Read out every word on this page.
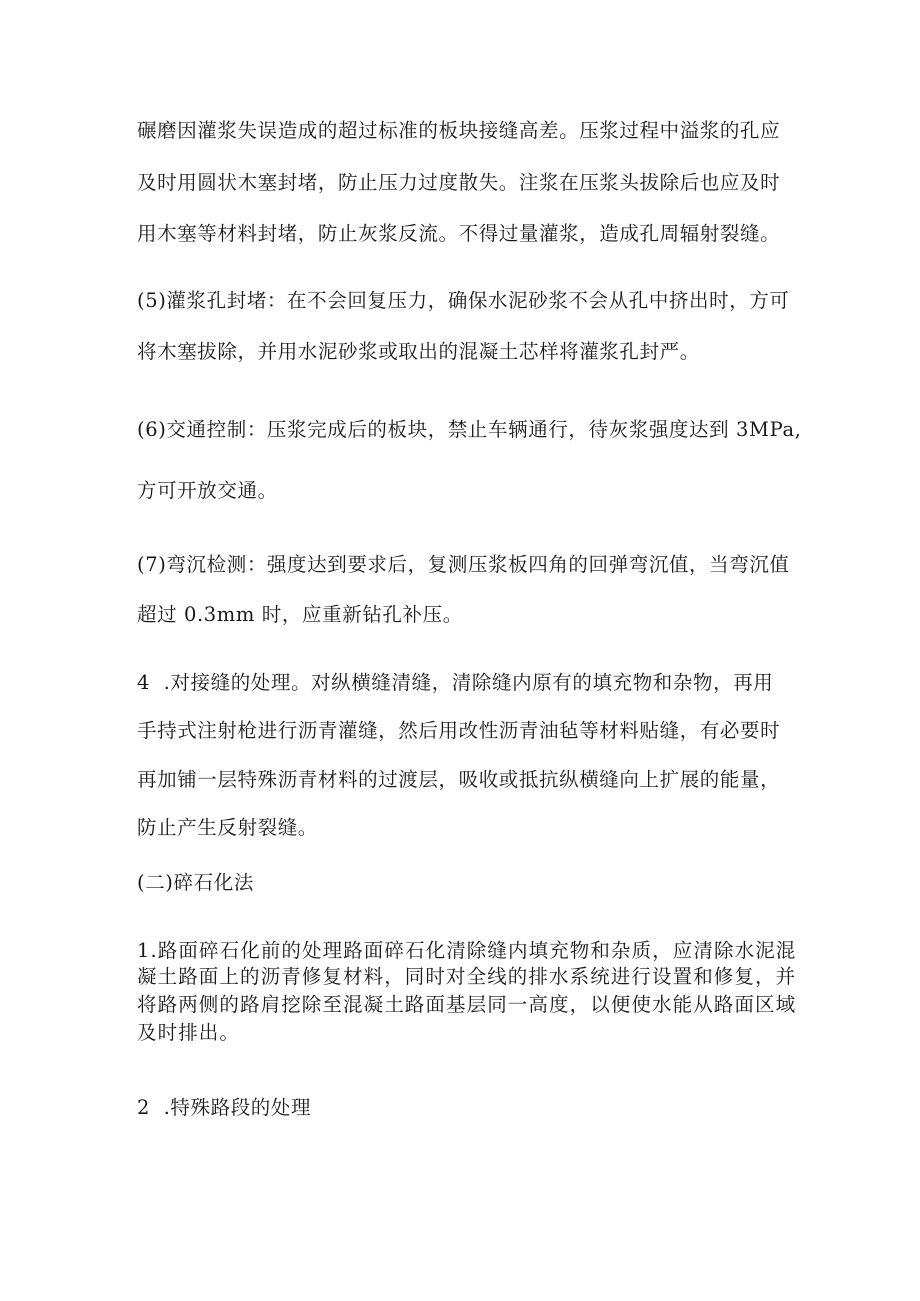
碾磨因灌浆失误造成的超过标准的板块接缝高差。压浆过程中溢浆的孔应
及时用圆状木塞封堵，防止压力过度散失。注浆在压浆头拔除后也应及时
用木塞等材料封堵，防止灰浆反流。不得过量灌浆，造成孔周辐射裂缝。
(5)灌浆孔封堵：在不会回复压力，确保水泥砂浆不会从孔中挤出时，方可
将木塞拔除，并用水泥砂浆或取出的混凝土芯样将灌浆孔封严。
(6)交通控制：压浆完成后的板块，禁止车辆通行，待灰浆强度达到 3MPa,
方可开放交通。
(7)弯沉检测：强度达到要求后，复测压浆板四角的回弹弯沉值，当弯沉值
超过 0.3mm 时，应重新钻孔补压。
4  .对接缝的处理。对纵横缝清缝，清除缝内原有的填充物和杂物，再用
手持式注射枪进行沥青灌缝，然后用改性沥青油毡等材料贴缝，有必要时
再加铺一层特殊沥青材料的过渡层，吸收或抵抗纵横缝向上扩展的能量，
防止产生反射裂缝。
(二)碎石化法
1.路面碎石化前的处理路面碎石化清除缝内填充物和杂质，应清除水泥混
凝土路面上的沥青修复材料，同时对全线的排水系统进行设置和修复，并
将路两侧的路肩挖除至混凝土路面基层同一高度，以便使水能从路面区域
及时排出。
2  .特殊路段的处理
